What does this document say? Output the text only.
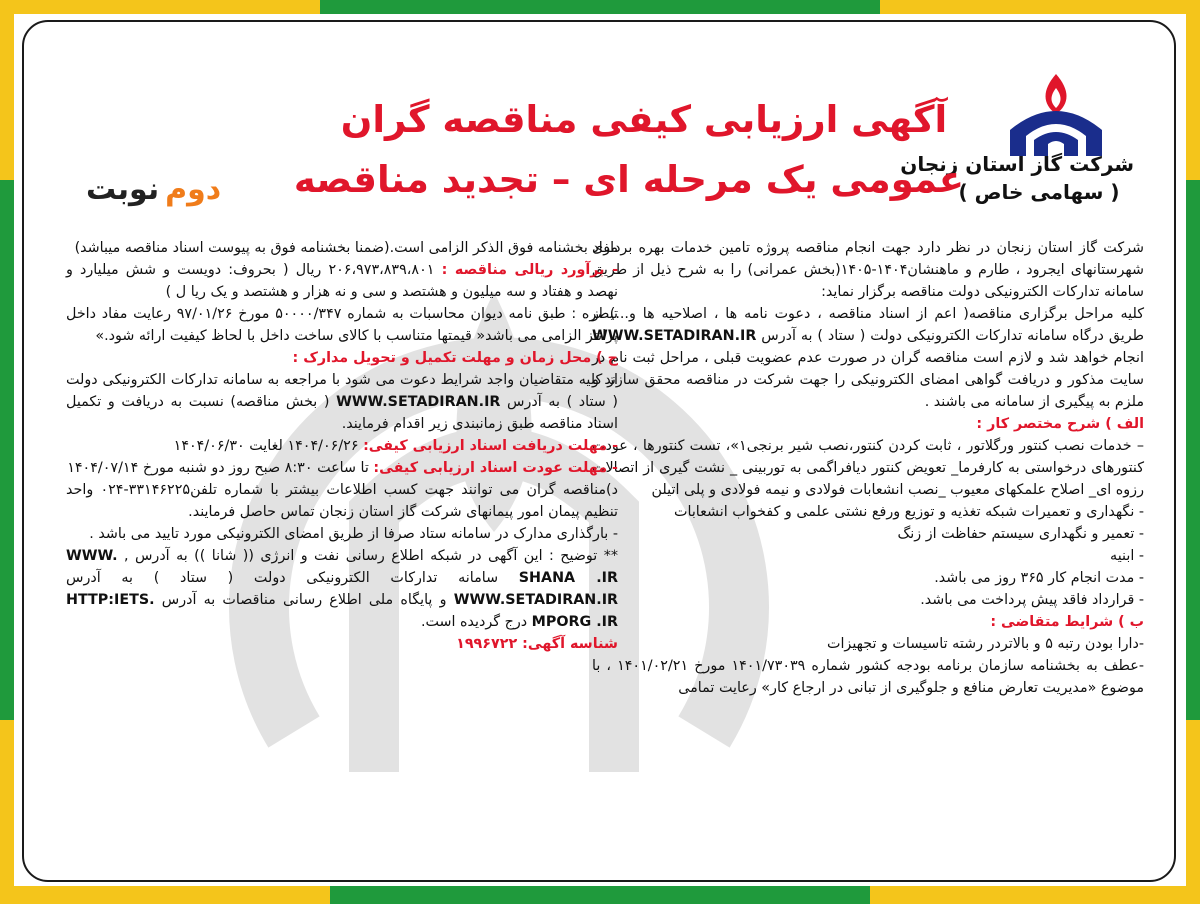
شرکت گاز استان زنجان
( سهامی خاص )
آگهی ارزیابی کیفی مناقصه گران
عمومی یک مرحله ای – تجدید مناقصه
نوبت دوم

شرکت گاز استان زنجان در نظر دارد جهت انجام مناقصه پروژه تامین خدمات بهره برداری شهرستانهای ایجرود ، طارم و ماهنشان۱۴۰۴-۱۴۰۵(بخش عمرانی) را به شرح ذیل از طریق سامانه تدارکات الکترونیکی دولت مناقصه برگزار نماید:

کلیه مراحل برگزاری مناقصه( اعم از اسناد مناقصه ، دعوت نامه ها ، اصلاحیه ها و...) از طریق درگاه سامانه تدارکات الکترونیکی دولت ( ستاد ) به آدرس WWW.SETADIRAN.IR انجام خواهد شد و لازم است مناقصه گران در صورت عدم عضویت قبلی ، مراحل ثبت نام در سایت مذکور و دریافت گواهی امضای الکترونیکی را جهت شرکت در مناقصه محقق سازند و ملزم به پیگیری از سامانه می باشند .

الف ) شرح مختصر کار :

– خدمات نصب کنتور ورگلاتور ، ثابت کردن کنتور،نصب شیر برنجی۱»، تست کنتورها ، عودت کنتورهای درخواستی به کارفرما_ تعویض کنتور دیافراگمی به توربینی _ نشت گیری از اتصالات رزوه ای_ اصلاح علمکهای معیوب _نصب انشعابات فولادی و نیمه فولادی و پلی اتیلن

- نگهداری و تعمیرات شبکه تغذیه و توزیع ورفع نشتی علمی و کفخواب انشعابات

- تعمیر و نگهداری سیستم حفاظت از زنگ

- ابنیه

- مدت انجام کار ۳۶۵ روز می باشد.

- قرارداد فاقد پیش پرداخت می باشد.

ب ) شرایط متقاضی :

-دارا بودن رتبه ۵ و بالاتردر رشته تاسیسات و تجهیزات

-عطف به بخشنامه سازمان برنامه بودجه کشور شماره ۱۴۰۱/۷۳۰۳۹ مورخ ۱۴۰۱/۰۲/۲۱ ، با موضوع «مدیریت تعارض منافع و جلوگیری از تبانی در ارجاع کار» رعایت تمامی

مفاد بخشنامه فوق الذکر الزامی است.(ضمنا بخشنامه فوق به پیوست اسناد مناقصه میباشد)

- برآورد ریالی مناقصه : ۲۰۶،۹۷۳،۸۳۹،۸۰۱ ریال ( بحروف: دویست و شش میلیارد و نهصد و هفتاد و سه میلیون و هشتصد و سی و نه هزار و هشتصد و یک ریا ل )

تبصره : طبق نامه دیوان محاسبات به شماره ۵۰۰۰۰/۳۴۷ مورخ ۹۷/۰۱/۲۶ رعایت مفاد داخل پرانتز الزامی می باشد« قیمتها متناسب با کالای ساخت داخل با لحاظ کیفیت ارائه شود.»

ج ) محل زمان و مهلت تکمیل و تحویل مدارک :

از کلیه متقاضیان واجد شرایط دعوت می شود با مراجعه به سامانه تدارکات الکترونیکی دولت ( ستاد ) به آدرس WWW.SETADIRAN.IR ( بخش مناقصه) نسبت به دریافت و تکمیل اسناد مناقصه طبق زمانبندی زیر اقدام فرمایند.

- مهلت دریافت اسناد ارزیابی کیفی: ۱۴۰۴/۰۶/۲۶ لغایت ۱۴۰۴/۰۶/۳۰

- مهلت عودت اسناد ارزیابی کیفی: تا ساعت ۸:۳۰ صبح روز دو شنبه مورخ ۱۴۰۴/۰۷/۱۴

د)مناقصه گران می توانند جهت کسب اطلاعات بیشتر با شماره تلفن۳۳۱۴۶۲۲۵-۰۲۴ واحد تنظیم پیمان امور پیمانهای شرکت گاز استان زنجان تماس حاصل فرمایند.

- بارگذاری مدارک در سامانه ستاد صرفا از طریق امضای الکترونیکی مورد تایید می باشد .

** توضیح : این آگهی در شبکه اطلاع رسانی نفت و انرژی (( شانا )) به آدرس , WWW. SHANA .IR سامانه تدارکات الکترونیکی دولت ( ستاد ) به آدرس WWW.SETADIRAN.IR و پایگاه ملی اطلاع رسانی مناقصات به آدرس HTTP:IETS. MPORG .IR درج گردیده است.

شناسه آگهی: ۱۹۹۶۷۲۲
